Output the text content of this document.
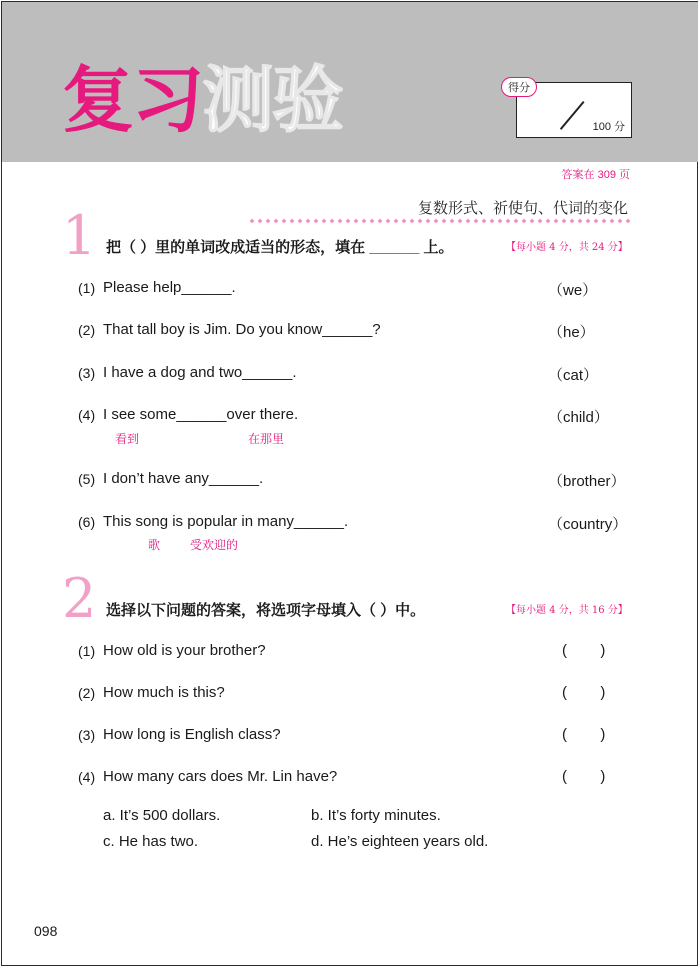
复习测验	得分
100 分
答案在 309 页
复数形式、祈使句、代词的变化
1 把（ ）里的单词改成适当的形态，填在 ______ 上。	【每小题 4 分，共 24 分】
(1) Please help______.	（we）
(2) That tall boy is Jim. Do you know______?	（he）
(3) I have a dog and two______.	（cat）
(4) I see some______over there.	（child）
看到	在那里
(5) I don’t have any______.	（brother）
(6) This song is popular in many______.	（country）
歌 受欢迎的
2 选择以下问题的答案，将选项字母填入（ ）中。	【每小题 4 分，共 16 分】
(1) How old is your brother?	(        )
(2) How much is this?	(        )
(3) How long is English class?	(        )
(4) How many cars does Mr. Lin have?	(        )
a. It’s 500 dollars.	b. It’s forty minutes.
c. He has two.	d. He’s eighteen years old.
098
